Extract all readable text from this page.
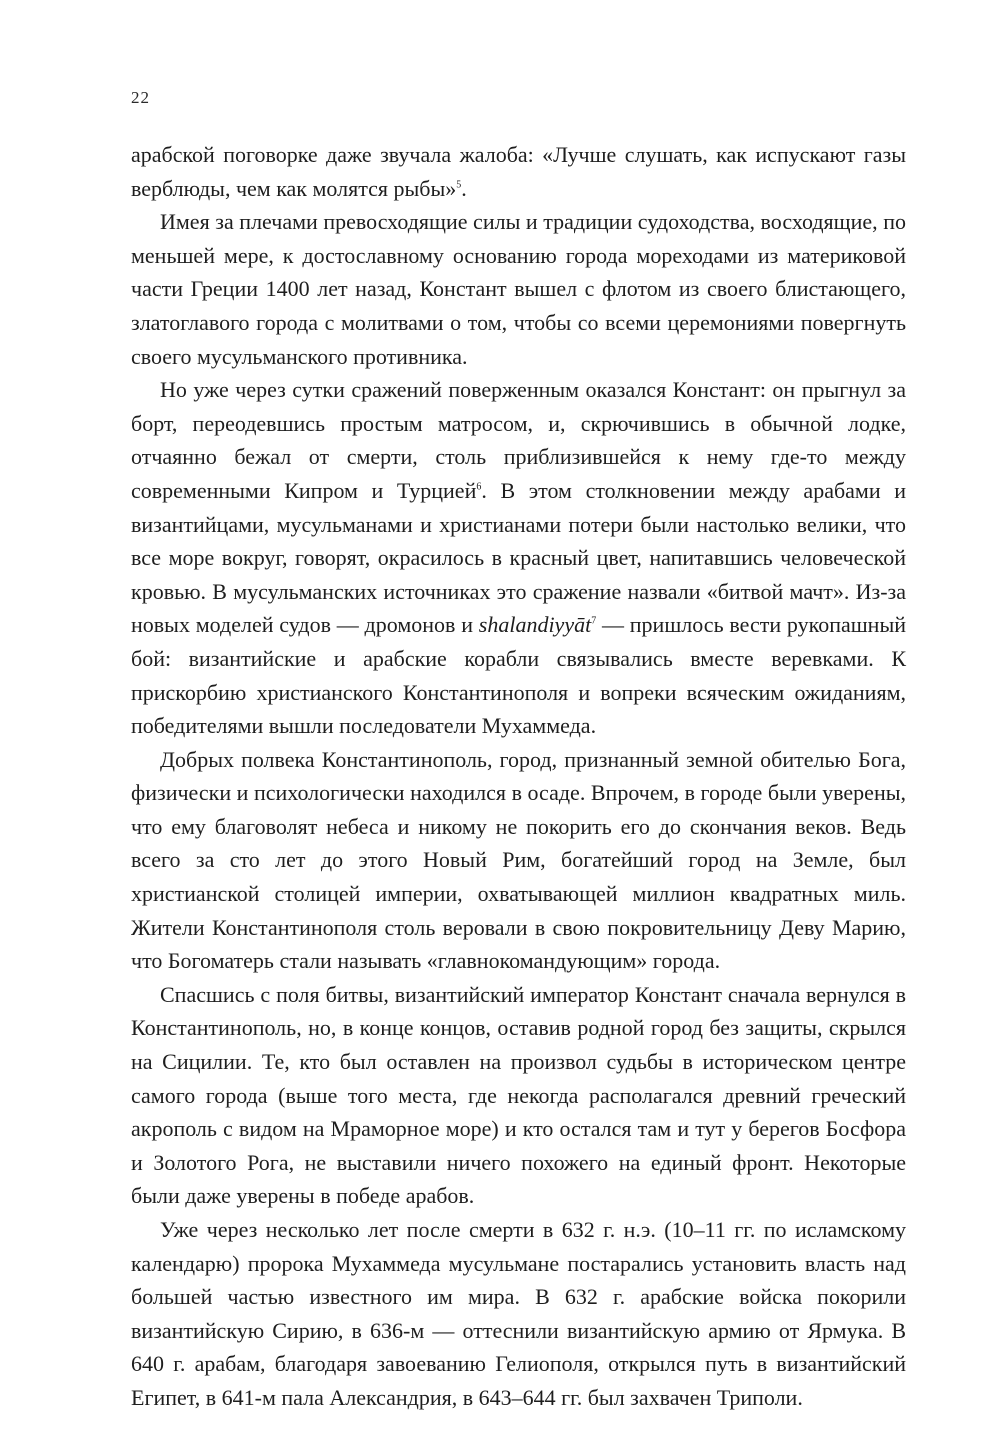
22

арабской поговорке даже звучала жалоба: «Лучше слушать, как испускают газы верблюды, чем как молятся рыбы»$^5$.

Имея за плечами превосходящие силы и традиции судоходства, восходящие, по меньшей мере, к достославному основанию города мореходами из материковой части Греции 1400 лет назад, Констант вышел с флотом из своего блистающего, златоглавого города с молитвами о том, чтобы со всеми церемониями повергнуть своего мусульманского противника.

Но уже через сутки сражений поверженным оказался Констант: он прыгнул за борт, переодевшись простым матросом, и, скрючившись в обычной лодке, отчаянно бежал от смерти, столь приблизившейся к нему где-то между современными Кипром и Турцией$^6$. В этом столкновении между арабами и византийцами, мусульманами и христианами потери были настолько велики, что все море вокруг, говорят, окрасилось в красный цвет, напитавшись человеческой кровью. В мусульманских источниках это сражение назвали «битвой мачт». Из-за новых моделей судов — дромонов и shalandiyyāt$^7$ — пришлось вести рукопашный бой: византийские и арабские корабли связывались вместе веревками. К прискорбию христианского Константинополя и вопреки всяческим ожиданиям, победителями вышли последователи Мухаммеда.

Добрых полвека Константинополь, город, признанный земной обителью Бога, физически и психологически находился в осаде. Впрочем, в городе были уверены, что ему благоволят небеса и никому не покорить его до скончания веков. Ведь всего за сто лет до этого Новый Рим, богатейший город на Земле, был христианской столицей империи, охватывающей миллион квадратных миль. Жители Константинополя столь веровали в свою покровительницу Деву Марию, что Богоматерь стали называть «главнокомандующим» города.

Спасшись с поля битвы, византийский император Констант сначала вернулся в Константинополь, но, в конце концов, оставив родной город без защиты, скрылся на Сицилии. Те, кто был оставлен на произвол судьбы в историческом центре самого города (выше того места, где некогда располагался древний греческий акрополь с видом на Мраморное море) и кто остался там и тут у берегов Босфора и Золотого Рога, не выставили ничего похожего на единый фронт. Некоторые были даже уверены в победе арабов.

Уже через несколько лет после смерти в 632 г. н.э. (10–11 гг. по исламскому календарю) пророка Мухаммеда мусульмане постарались установить власть над большей частью известного им мира. В 632 г. арабские войска покорили византийскую Сирию, в 636-м — оттеснили византийскую армию от Ярмука. В 640 г. арабам, благодаря завоеванию Гелиополя, открылся путь в византийский Египет, в 641-м пала Александрия, в 643–644 гг. был захвачен Триполи.
